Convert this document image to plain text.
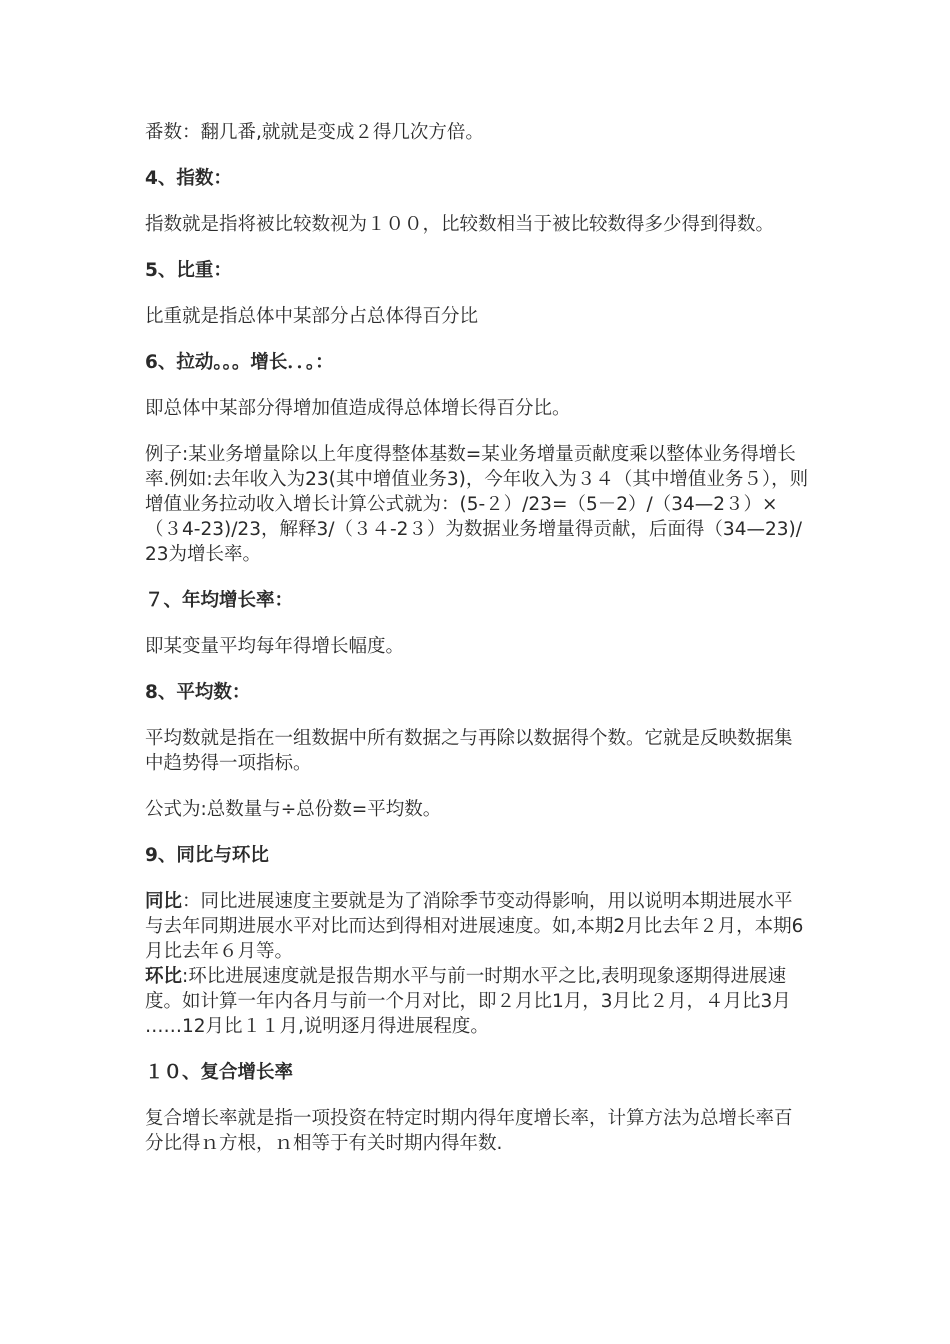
番数：翻几番,就就是变成２得几次方倍。

4、指数：

指数就是指将被比较数视为１００，比较数相当于被比较数得多少得到得数。

5、比重：

比重就是指总体中某部分占总体得百分比

6、拉动。。。增长．．。：

即总体中某部分得增加值造成得总体增长得百分比。

例子:某业务增量除以上年度得整体基数=某业务增量贡献度乘以整体业务得增长率.例如:去年收入为23(其中增值业务3)，今年收入为３４（其中增值业务５），则增值业务拉动收入增长计算公式就为：(5-２）/23=（5－2）/（34—2３）×（３4-23)/23，解释3/（３４-2３）为数据业务增量得贡献，后面得（34—23)/23为增长率。

７、年均增长率：

即某变量平均每年得增长幅度。

8、平均数：

平均数就是指在一组数据中所有数据之与再除以数据得个数。它就是反映数据集中趋势得一项指标。

公式为:总数量与÷总份数=平均数。

9、同比与环比

同比：同比进展速度主要就是为了消除季节变动得影响，用以说明本期进展水平与去年同期进展水平对比而达到得相对进展速度。如,本期2月比去年２月，本期6月比去年６月等。

环比:环比进展速度就是报告期水平与前一时期水平之比,表明现象逐期得进展速度。如计算一年内各月与前一个月对比，即２月比1月，3月比２月，４月比3月 ……12月比１１月,说明逐月得进展程度。

１０、复合增长率

复合增长率就是指一项投资在特定时期内得年度增长率，计算方法为总增长率百分比得ｎ方根，ｎ相等于有关时期内得年数.
